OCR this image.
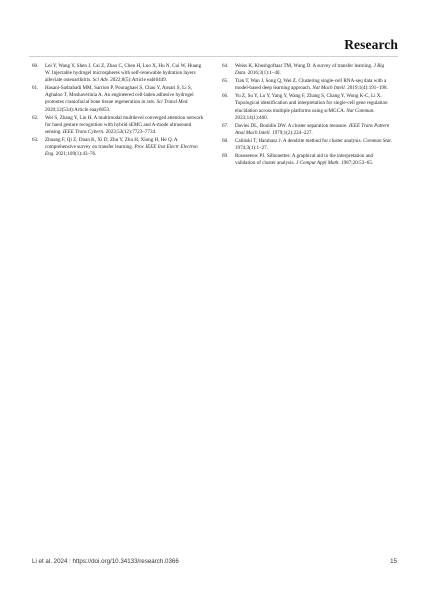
Research
60.	Lei Y, Wang Y, Shen J, Cai Z, Zhao C, Chen H, Luo X, Hu N, Cui W, Huang W. Injectable hydrogel microspheres with self-renewable hydration layers alleviate osteoarthritis. Sci Adv. 2022;8(5):Article eabl6449.
61.	Hasani-Sadrabadi MM, Sarrion P, Pouraghaei S, Chau Y, Ansari S, Li S, Aghaloo T, Moshaverinia A. An engineered cell-laden adhesive hydrogel promotes craniofacial bone tissue regeneration in rats. Sci Transl Med. 2020;12(534):Article eaay6853.
62.	Wei S, Zhang Y, Liu H. A multimodal multilevel converged attention network for hand gesture recognition with hybrid sEMG and A-mode ultrasound sensing. IEEE Trans Cybern. 2023;53(12):7723–7734.
63.	Zhuang F, Qi Z, Duan K, Xi D, Zhu Y, Zhu H, Xiong H, He Q. A comprehensive survey on transfer learning. Proc IEEE Inst Electr Electron Eng. 2021;109(1):43–76.
64.	Weiss K, Khoshgoftaar TM, Wang D. A survey of transfer learning. J Big Data. 2016;3(1):1–40.
65.	Tian T, Wan J, Song Q, Wei Z. Clustering single-cell RNA-seq data with a model-based deep learning approach. Nat Mach Intell. 2019;1(4):191–198.
66.	Yu Z, Su Y, Lu Y, Yang Y, Wang F, Zhang S, Chang Y, Wong K-C, Li X. Topological identification and interpretation for single-cell gene regulation elucidation across multiple platforms using scMGCA. Nat Commun. 2023;14(1):400.
67.	Davies DL, Bouldin DW. A cluster separation measure. IEEE Trans Pattern Anal Mach Intell. 1979;1(2):224–227.
68.	Caliński T, Harabasz J. A dendrite method for cluster analysis. Commun Stat. 1974;3(1):1–27.
69.	Rousseeuw PJ. Silhouettes: A graphical aid to the interpretation and validation of cluster analysis. J Comput Appl Math. 1987;20:53–65.
Li et al. 2024 | https://doi.org/10.34133/research.0366	15
